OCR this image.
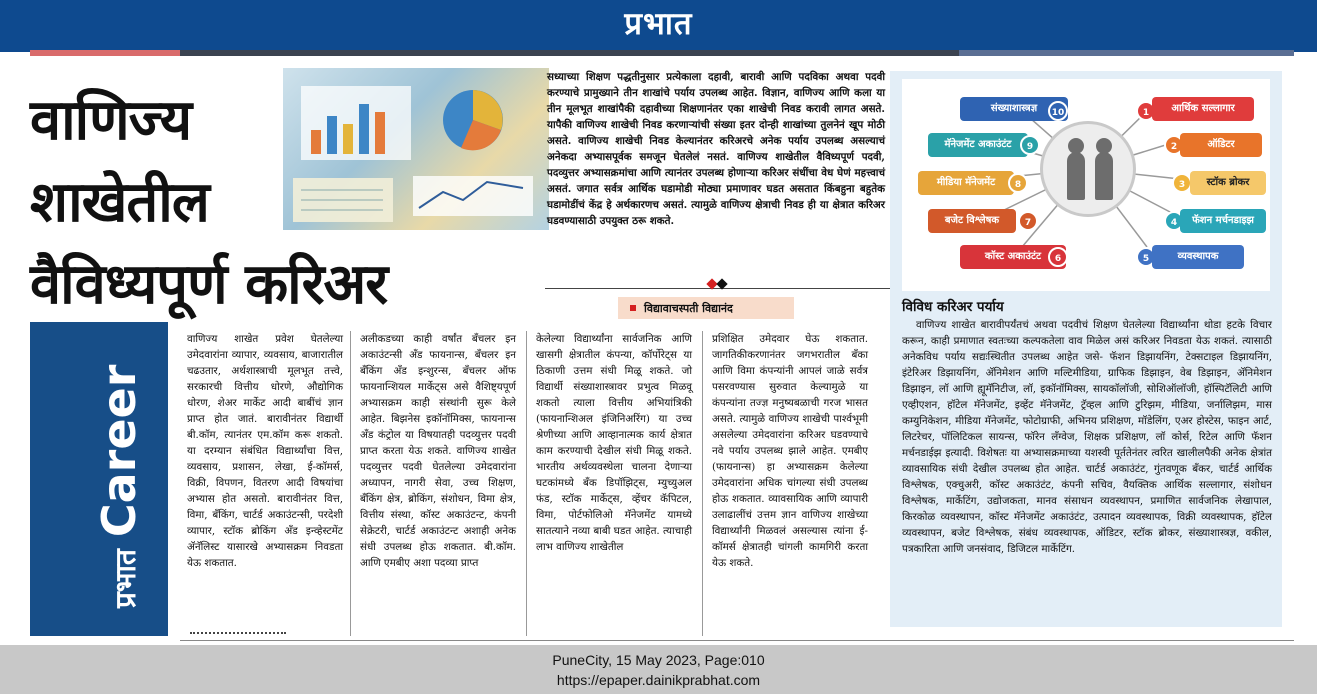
प्रभात
वाणिज्य
शाखेतील
वैविध्यपूर्ण करिअर
सध्याच्या शिक्षण पद्धतीनुसार प्रत्येकाला दहावी, बारावी आणि पदविका अथवा पदवी करण्याचे प्रामुख्याने तीन शाखांचे पर्याय उपलब्ध आहेत. विज्ञान, वाणिज्य आणि कला या तीन मूलभूत शाखांपैकी दहावीच्या शिक्षणानंतर एका शाखेची निवड करावी लागत असते. यापैकी वाणिज्य शाखेची निवड करणाऱ्यांची संख्या इतर दोन्ही शाखांच्या तुलनेनं खूप मोठी असते. वाणिज्य शाखेची निवड केल्यानंतर करिअरचे अनेक पर्याय उपलब्ध असल्याचं अनेकदा अभ्यासपूर्वक समजून घेतलेलं नसतं. वाणिज्य शाखेतील वैविध्यपूर्ण पदवी, पदव्युत्तर अभ्यासक्रमांचा आणि त्यानंतर उपलब्ध होणाऱ्या करिअर संधींचा वेध घेणं महत्त्वाचं असतं. जगात सर्वत्र आर्थिक घडामोडी मोठ्या प्रमाणावर घडत असतात किंबहुना बहुतेक घडामोडींचं केंद्र हे अर्थकारणच असतं. त्यामुळे वाणिज्य क्षेत्राची निवड ही या क्षेत्रात करिअर घडवण्यासाठी उपयुक्त ठरू शकते.
विद्यावाचस्पती विद्यानंद
प्रभातCareer
वाणिज्य शाखेत प्रवेश घेतलेल्या उमेदवारांना व्यापार, व्यवसाय, बाजारातील चढउतार, अर्थशास्त्राची मूलभूत तत्त्वे, सरकारची वित्तीय धोरणे, औद्योगिक धोरण, शेअर मार्केट आदी बाबींचं ज्ञान प्राप्त होत जातं. बारावीनंतर विद्यार्थी बी.कॉम, त्यानंतर एम.कॉम करू शकतो. या दरम्यान संबंधित विद्यार्थ्यांचा वित्त, व्यवसाय, प्रशासन, लेखा, ई-कॉमर्स, विक्री, विपणन, वितरण आदी विषयांचा अभ्यास होत असतो. बारावीनंतर वित्त, विमा, बँकिंग, चार्टर्ड अकाउंटन्सी, परदेशी व्यापार, स्टॉक ब्रोकिंग अँड इन्व्हेस्टमेंट ॲनॅलिस्ट यासारखे अभ्यासक्रम निवडता येऊ शकतात.
अलीकडच्या काही वर्षांत बँचलर इन अकाउंटन्सी अँड फायनान्स, बँचलर इन बँकिंग अँड इन्शुरन्स, बँचलर ऑफ फायनान्शियल मार्केट्स असे वैशिष्ट्यपूर्ण अभ्यासक्रम काही संस्थांनी सुरू केले आहेत. बिझनेस इकॉनॉमिक्स, फायनान्स अँड कंट्रोल या विषयातही पदव्युत्तर पदवी प्राप्त करता येऊ शकते. वाणिज्य शाखेत पदव्युत्तर पदवी घेतलेल्या उमेदवारांना अध्यापन, नागरी सेवा, उच्च शिक्षण, बँकिंग क्षेत्र, ब्रोकिंग, संशोधन, विमा क्षेत्र, वित्तीय संस्था, कॉस्ट अकाउंटन्ट, कंपनी सेक्रेटरी, चार्टर्ड अकाउंटन्ट अशाही अनेक संधी उपलब्ध होऊ शकतात. बी.कॉम. आणि एमबीए अशा पदव्या प्राप्त
केलेल्या विद्यार्थ्यांना सार्वजनिक आणि खासगी क्षेत्रातील कंपन्या, कॉर्पोरेट्स या ठिकाणी उत्तम संधी मिळू शकते. जो विद्यार्थी संख्याशास्त्रावर प्रभुत्व मिळवू शकतो त्याला वित्तीय अभियांत्रिकी (फायनान्शिअल इंजिनिअरिंग) या उच्च श्रेणीच्या आणि आव्हानात्मक कार्य क्षेत्रात काम करण्याची देखील संधी मिळू शकते. भारतीय अर्थव्यवस्थेला चालना देणाऱ्या घटकांमध्ये बँक डिपॉझिट्स, म्युच्युअल फंड, स्टॉक मार्केट्स, व्हेंचर कॅपिटल, विमा, पोर्टफोलिओ मॅनेजमेंट यामध्ये सातत्याने नव्या बाबी घडत आहेत. त्याचाही लाभ वाणिज्य शाखेतील
प्रशिक्षित उमेदवार घेऊ शकतात. जागतिकीकरणानंतर जगभरातील बँका आणि विमा कंपन्यांनी आपलं जाळे सर्वत्र पसरवण्यास सुरुवात केल्यामुळे या कंपन्यांना तज्ज्ञ मनुष्यबळाची गरज भासत असते. त्यामुळे वाणिज्य शाखेची पार्श्वभूमी असलेल्या उमेदवारांना करिअर घडवण्याचे नवे पर्याय उपलब्ध झाले आहेत. एमबीए (फायनान्स) हा अभ्यासक्रम केलेल्या उमेदवारांना अधिक चांगल्या संधी उपलब्ध होऊ शकतात. व्यावसायिक आणि व्यापारी उलाढालींचं उत्तम ज्ञान वाणिज्य शाखेच्या विद्यार्थ्यांनी मिळवलं असल्यास त्यांना ई-कॉमर्स क्षेत्रातही चांगली कामगिरी करता येऊ शकते.
संख्याशास्त्रज्ञ	10
मॅनेजमेंट अकाउंटंट	9
मीडिया मॅनेजमेंट	8
बजेट विश्लेषक	7
कॉस्ट अकाउंटंट	6
1	आर्थिक सल्लागार
2	ऑडिटर
3	स्टॉक ब्रोकर
4	फॅशन मर्चनडाइझ
5	व्यवस्थापक
विविध करिअर पर्याय
वाणिज्य शाखेत बारावीपर्यंतचं अथवा पदवीचं शिक्षण घेतलेल्या विद्यार्थ्यांना थोडा हटके विचार करून, काही प्रमाणात स्वतःच्या कल्पकतेला वाव मिळेल असं करिअर निवडता येऊ शकतं. त्यासाठी अनेकविध पर्याय सद्यःस्थितीत उपलब्ध आहेत जसे- फॅशन डिझायनिंग, टेक्सटाइल डिझायनिंग, इंटेरिअर डिझायनिंग, ॲनिमेशन आणि मल्टिमीडिया, ग्राफिक डिझाइन, वेब डिझाइन, ॲनिमेशन डिझाइन, लॉ आणि ह्यूमॅनिटीज, लॉ, इकॉनॉमिक्स, सायकॉलॉजी, सोशिऑलॉजी, हॉस्पिटॅलिटी आणि एव्हीएशन, हॉटेल मॅनेजमेंट, इव्हेंट मॅनेजमेंट, ट्रॅव्हल आणि टुरिझम, मीडिया, जर्नालिझम, मास कम्युनिकेशन, मीडिया मॅनेजमेंट, फोटोग्राफी, अभिनय प्रशिक्षण, मॉडेलिंग, एअर होस्टेस, फाइन आर्ट, लिटरेचर, पॉलिटिकल सायन्स, फॉरेन लँग्वेज, शिक्षक प्रशिक्षण, लॉ कोर्स, रिटेल आणि फॅशन मर्चनडाईझ इत्यादी. विशेषतः या अभ्यासक्रमाच्या यशस्वी पूर्ततेनंतर त्वरित खालीलपैकी अनेक क्षेत्रांत व्यावसायिक संधी देखील उपलब्ध होत आहेत. चार्टर्ड अकाउंटंट, गुंतवणूक बँकर, चार्टर्ड आर्थिक विश्लेषक, एक्चुअरी, कॉस्ट अकाउंटंट, कंपनी सचिव, वैयक्तिक आर्थिक सल्लागार, संशोधन विश्लेषक, मार्केटिंग, उद्योजकता, मानव संसाधन व्यवस्थापन, प्रमाणित सार्वजनिक लेखापाल, किरकोळ व्यवस्थापन, कॉस्ट मॅनेजमेंट अकाउंटंट, उत्पादन व्यवस्थापक, विक्री व्यवस्थापक, हॉटेल व्यवस्थापन, बजेट विश्लेषक, संबंध व्यवस्थापक, ऑडिटर, स्टॉक ब्रोकर, संख्याशास्त्रज्ञ, वकील, पत्रकारिता आणि जनसंवाद, डिजिटल मार्केटिंग.
PuneCity, 15 May 2023, Page:010
https://epaper.dainikprabhat.com
